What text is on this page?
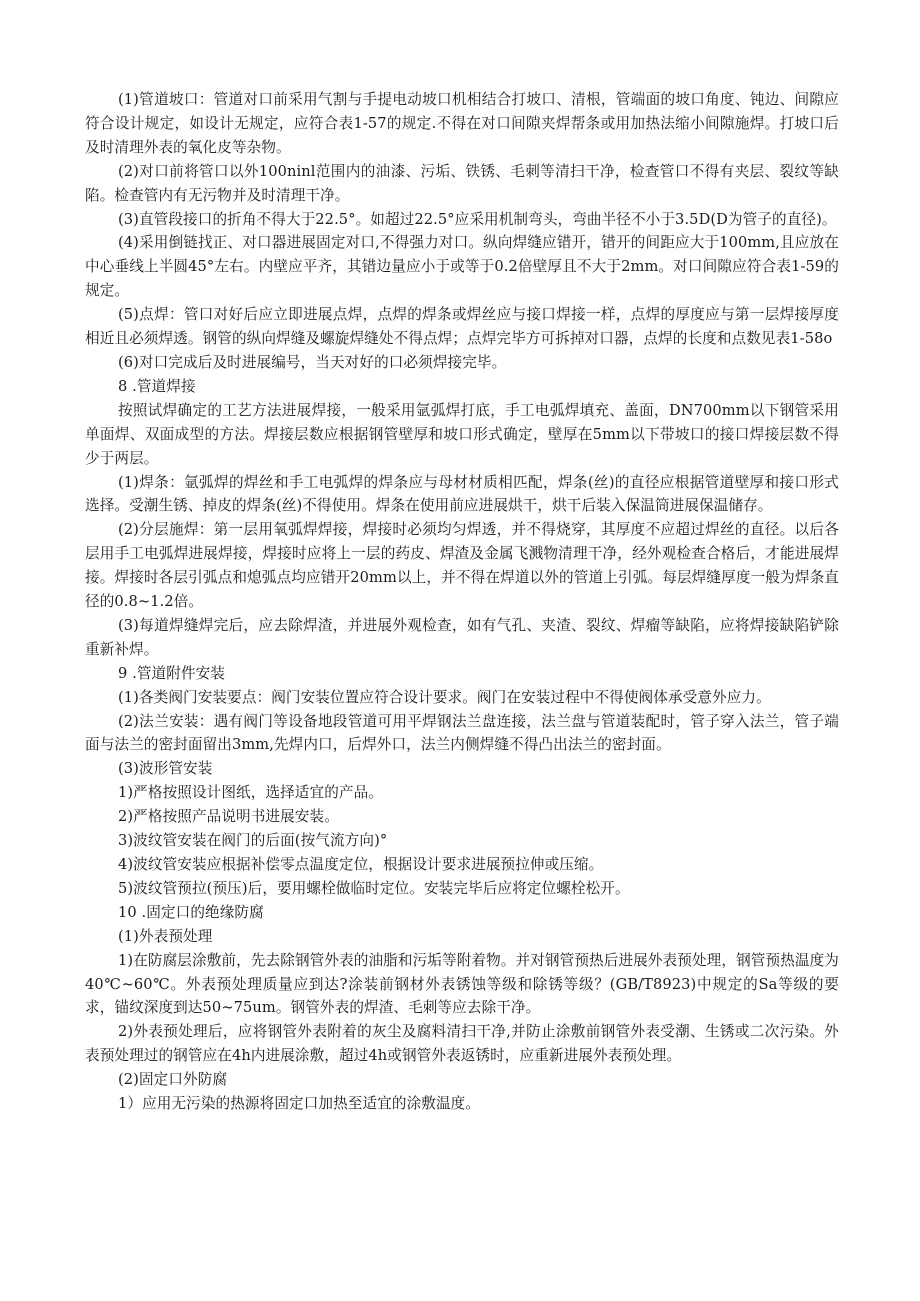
(1)管道坡口：管道对口前采用气割与手提电动坡口机相结合打坡口、清根，管端面的坡口角度、钝边、间隙应符合设计规定，如设计无规定，应符合表1-57的规定.不得在对口间隙夹焊帮条或用加热法缩小间隙施焊。打坡口后及时清理外表的氧化皮等杂物。

(2)对口前将管口以外100ninl范围内的油漆、污垢、铁锈、毛刺等清扫干净，检查管口不得有夹层、裂纹等缺陷。检查管内有无污物并及时清理干净。

(3)直管段接口的折角不得大于22.5°。如超过22.5°应采用机制弯头，弯曲半径不小于3.5D(D为管子的直径)。

(4)采用倒链找正、对口器进展固定对口,不得强力对口。纵向焊缝应错开，错开的间距应大于100mm,且应放在中心垂线上半圆45°左右。内壁应平齐，其错边量应小于或等于0.2倍壁厚且不大于2mm。对口间隙应符合表1-59的规定。

(5)点焊：管口对好后应立即进展点焊，点焊的焊条或焊丝应与接口焊接一样，点焊的厚度应与第一层焊接厚度相近且必须焊透。钢管的纵向焊缝及螺旋焊缝处不得点焊；点焊完毕方可拆掉对口器，点焊的长度和点数见表1-58o

(6)对口完成后及时进展编号，当天对好的口必须焊接完毕。

8 .管道焊接

按照试焊确定的工艺方法进展焊接，一般采用氩弧焊打底，手工电弧焊填充、盖面，DN700mm以下钢管采用单面焊、双面成型的方法。焊接层数应根据钢管壁厚和坡口形式确定，壁厚在5mm以下带坡口的接口焊接层数不得少于两层。

(1)焊条：氩弧焊的焊丝和手工电弧焊的焊条应与母材材质相匹配，焊条(丝)的直径应根据管道壁厚和接口形式选择。受潮生锈、掉皮的焊条(丝)不得使用。焊条在使用前应进展烘干，烘干后装入保温筒进展保温储存。

(2)分层施焊：第一层用氧弧焊焊接，焊接时必须均匀焊透，并不得烧穿，其厚度不应超过焊丝的直径。以后各层用手工电弧焊进展焊接，焊接时应将上一层的药皮、焊渣及金属飞溅物清理干净，经外观检查合格后，才能进展焊接。焊接时各层引弧点和熄弧点均应错开20mm以上，并不得在焊道以外的管道上引弧。每层焊缝厚度一般为焊条直径的0.8~1.2倍。

(3)每道焊缝焊完后，应去除焊渣，并进展外观检查，如有气孔、夹渣、裂纹、焊瘤等缺陷，应将焊接缺陷铲除重新补焊。

9 .管道附件安装

(1)各类阀门安装要点：阀门安装位置应符合设计要求。阀门在安装过程中不得使阀体承受意外应力。

(2)法兰安装：遇有阀门等设备地段管道可用平焊钢法兰盘连接，法兰盘与管道装配时，管子穿入法兰，管子端面与法兰的密封面留出3mm,先焊内口，后焊外口，法兰内侧焊缝不得凸出法兰的密封面。

(3)波形管安装

1)严格按照设计图纸，选择适宜的产品。

2)严格按照产品说明书进展安装。

3)波纹管安装在阀门的后面(按气流方向)°

4)波纹管安装应根据补偿零点温度定位，根据设计要求进展预拉伸或压缩。

5)波纹管预拉(预压)后，要用螺栓做临时定位。安装完毕后应将定位螺栓松开。

10 .固定口的绝缘防腐

(1)外表预处理

1)在防腐层涂敷前，先去除钢管外表的油脂和污垢等附着物。并对钢管预热后进展外表预处理，钢管预热温度为40℃~60℃。外表预处理质量应到达?涂装前钢材外表锈蚀等级和除锈等级？(GB/T8923)中规定的Sa等级的要求，锚纹深度到达50~75um。钢管外表的焊渣、毛刺等应去除干净。

2)外表预处理后，应将钢管外表附着的灰尘及腐料清扫干净,并防止涂敷前钢管外表受潮、生锈或二次污染。外表预处理过的钢管应在4h内进展涂敷，超过4h或钢管外表返锈时，应重新进展外表预处理。

(2)固定口外防腐

1）应用无污染的热源将固定口加热至适宜的涂敷温度。
